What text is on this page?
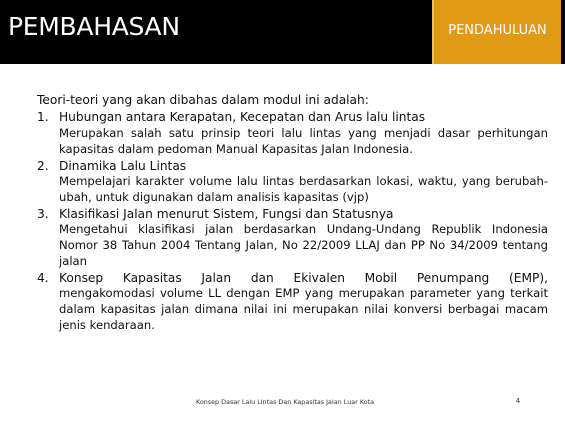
PEMBAHASAN	PENDAHULUAN
Teori-teori yang akan dibahas dalam modul ini adalah:
1. Hubungan antara Kerapatan, Kecepatan dan Arus lalu lintas
Merupakan salah satu prinsip teori lalu lintas yang menjadi dasar perhitungan kapasitas dalam pedoman Manual Kapasitas Jalan Indonesia.
2. Dinamika Lalu Lintas
Mempelajari karakter volume lalu lintas berdasarkan lokasi, waktu, yang berubah-ubah, untuk digunakan dalam analisis kapasitas (vjp)
3. Klasifikasi Jalan menurut Sistem, Fungsi dan Statusnya
Mengetahui klasifikasi jalan berdasarkan Undang-Undang Republik Indonesia Nomor 38 Tahun 2004 Tentang Jalan, No 22/2009 LLAJ dan PP No 34/2009 tentang jalan
4. Konsep Kapasitas Jalan dan Ekivalen Mobil Penumpang (EMP),
mengakomodasi volume LL dengan EMP yang merupakan parameter yang terkait dalam kapasitas jalan dimana nilai ini merupakan nilai konversi berbagai macam jenis kendaraan.
Konsep Dasar Lalu Lintas Dan Kapasitas Jalan Luar Kota	4
